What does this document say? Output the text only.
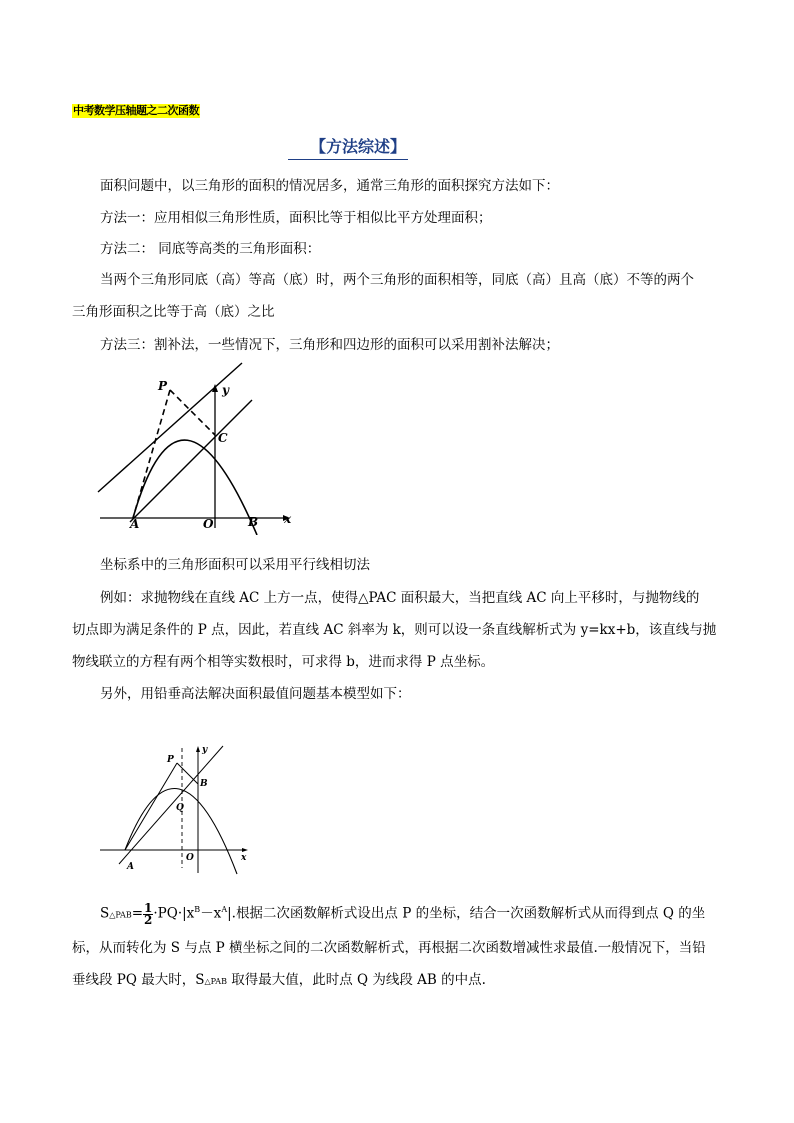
中考数学压轴题之二次函数
【方法综述】
面积问题中，以三角形的面积的情况居多，通常三角形的面积探究方法如下：
方法一：应用相似三角形性质，面积比等于相似比平方处理面积；
方法二： 同底等高类的三角形面积：
当两个三角形同底（高）等高（底）时，两个三角形的面积相等，同底（高）且高（底）不等的两个
三角形面积之比等于高（底）之比
方法三：割补法，一些情况下，三角形和四边形的面积可以采用割补法解决；
y
x
P
C
A	O	B
坐标系中的三角形面积可以采用平行线相切法
例如：求抛物线在直线 AC 上方一点，使得△PAC 面积最大，当把直线 AC 向上平移时，与抛物线的
切点即为满足条件的 P 点，因此，若直线 AC 斜率为 k，则可以设一条直线解析式为 y=kx+b，该直线与抛
物线联立的方程有两个相等实数根时，可求得 b，进而求得 P 点坐标。
另外，用铅垂高法解决面积最值问题基本模型如下：
y
x
P
B
Q
A
O
S△PAB= $\frac{1}{2} \cdot PQ\cdot|x^B-x^A|$.根据二次函数解析式设出点 P 的坐标，结合一次函数解析式从而得到点 Q 的坐
标，从而转化为 S 与点 P 横坐标之间的二次函数解析式，再根据二次函数增减性求最值.一般情况下，当铅
垂线段 PQ 最大时，S△PAB 取得最大值，此时点 Q 为线段 AB 的中点.
